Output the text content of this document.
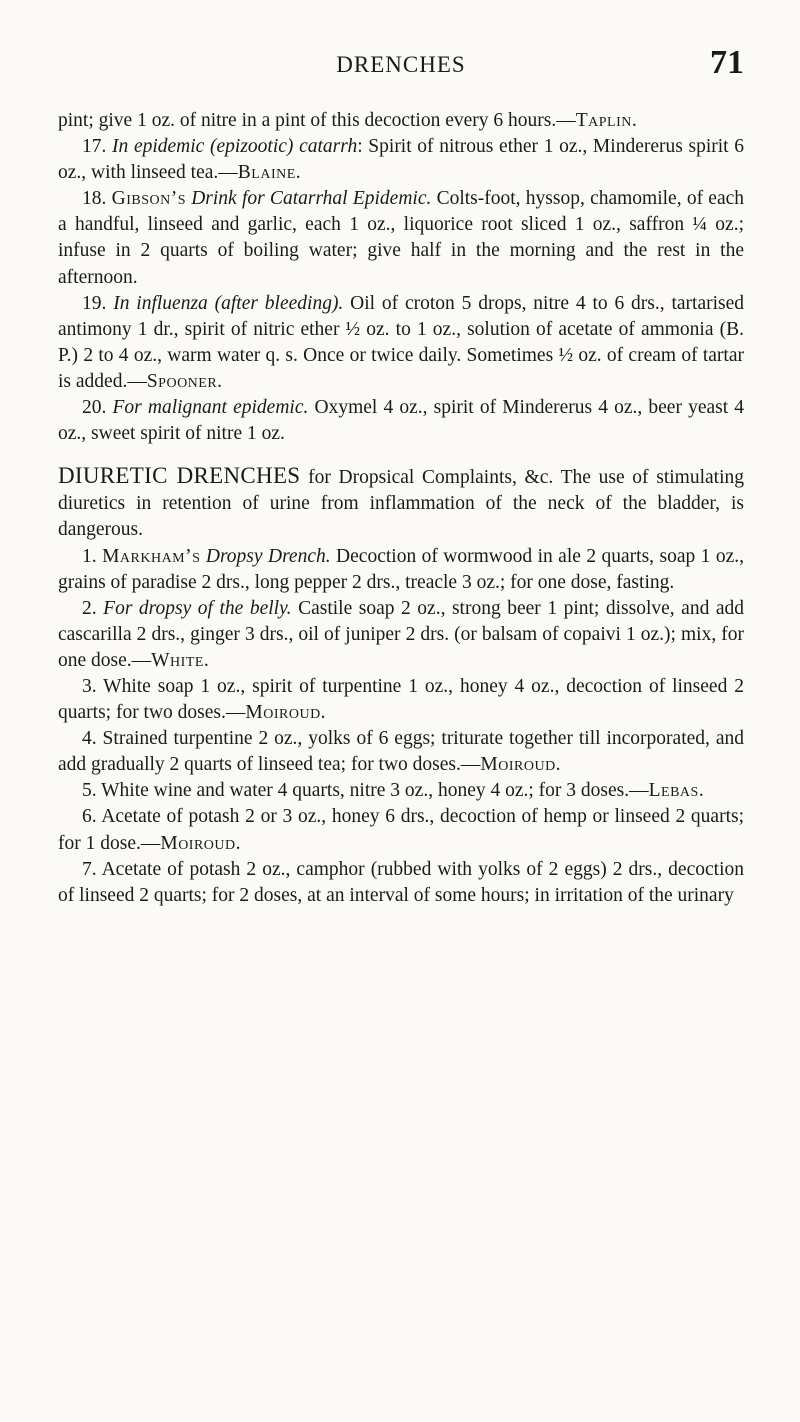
DRENCHES	71

pint; give 1 oz. of nitre in a pint of this decoction every 6 hours.—Taplin.

17. In epidemic (epizootic) catarrh: Spirit of nitrous ether 1 oz., Mindererus spirit 6 oz., with linseed tea.—Blaine.

18. Gibson’s Drink for Catarrhal Epidemic. Colts-foot, hyssop, chamomile, of each a handful, linseed and garlic, each 1 oz., liquorice root sliced 1 oz., saffron ¼ oz.; infuse in 2 quarts of boiling water; give half in the morning and the rest in the afternoon.

19. In influenza (after bleeding). Oil of croton 5 drops, nitre 4 to 6 drs., tartarised antimony 1 dr., spirit of nitric ether ½ oz. to 1 oz., solution of acetate of ammonia (B. P.) 2 to 4 oz., warm water q. s. Once or twice daily. Sometimes ½ oz. of cream of tartar is added.—Spooner.

20. For malignant epidemic. Oxymel 4 oz., spirit of Mindererus 4 oz., beer yeast 4 oz., sweet spirit of nitre 1 oz.

DIURETIC DRENCHES for Dropsical Complaints, &c. The use of stimulating diuretics in retention of urine from inflammation of the neck of the bladder, is dangerous.

1. Markham’s Dropsy Drench. Decoction of wormwood in ale 2 quarts, soap 1 oz., grains of paradise 2 drs., long pepper 2 drs., treacle 3 oz.; for one dose, fasting.

2. For dropsy of the belly. Castile soap 2 oz., strong beer 1 pint; dissolve, and add cascarilla 2 drs., ginger 3 drs., oil of juniper 2 drs. (or balsam of copaivi 1 oz.); mix, for one dose.—White.

3. White soap 1 oz., spirit of turpentine 1 oz., honey 4 oz., decoction of linseed 2 quarts; for two doses.—Moiroud.

4. Strained turpentine 2 oz., yolks of 6 eggs; triturate together till incorporated, and add gradually 2 quarts of linseed tea; for two doses.—Moiroud.

5. White wine and water 4 quarts, nitre 3 oz., honey 4 oz.; for 3 doses.—Lebas.

6. Acetate of potash 2 or 3 oz., honey 6 drs., decoction of hemp or linseed 2 quarts; for 1 dose.—Moiroud.

7. Acetate of potash 2 oz., camphor (rubbed with yolks of 2 eggs) 2 drs., decoction of linseed 2 quarts; for 2 doses, at an interval of some hours; in irritation of the urinary
